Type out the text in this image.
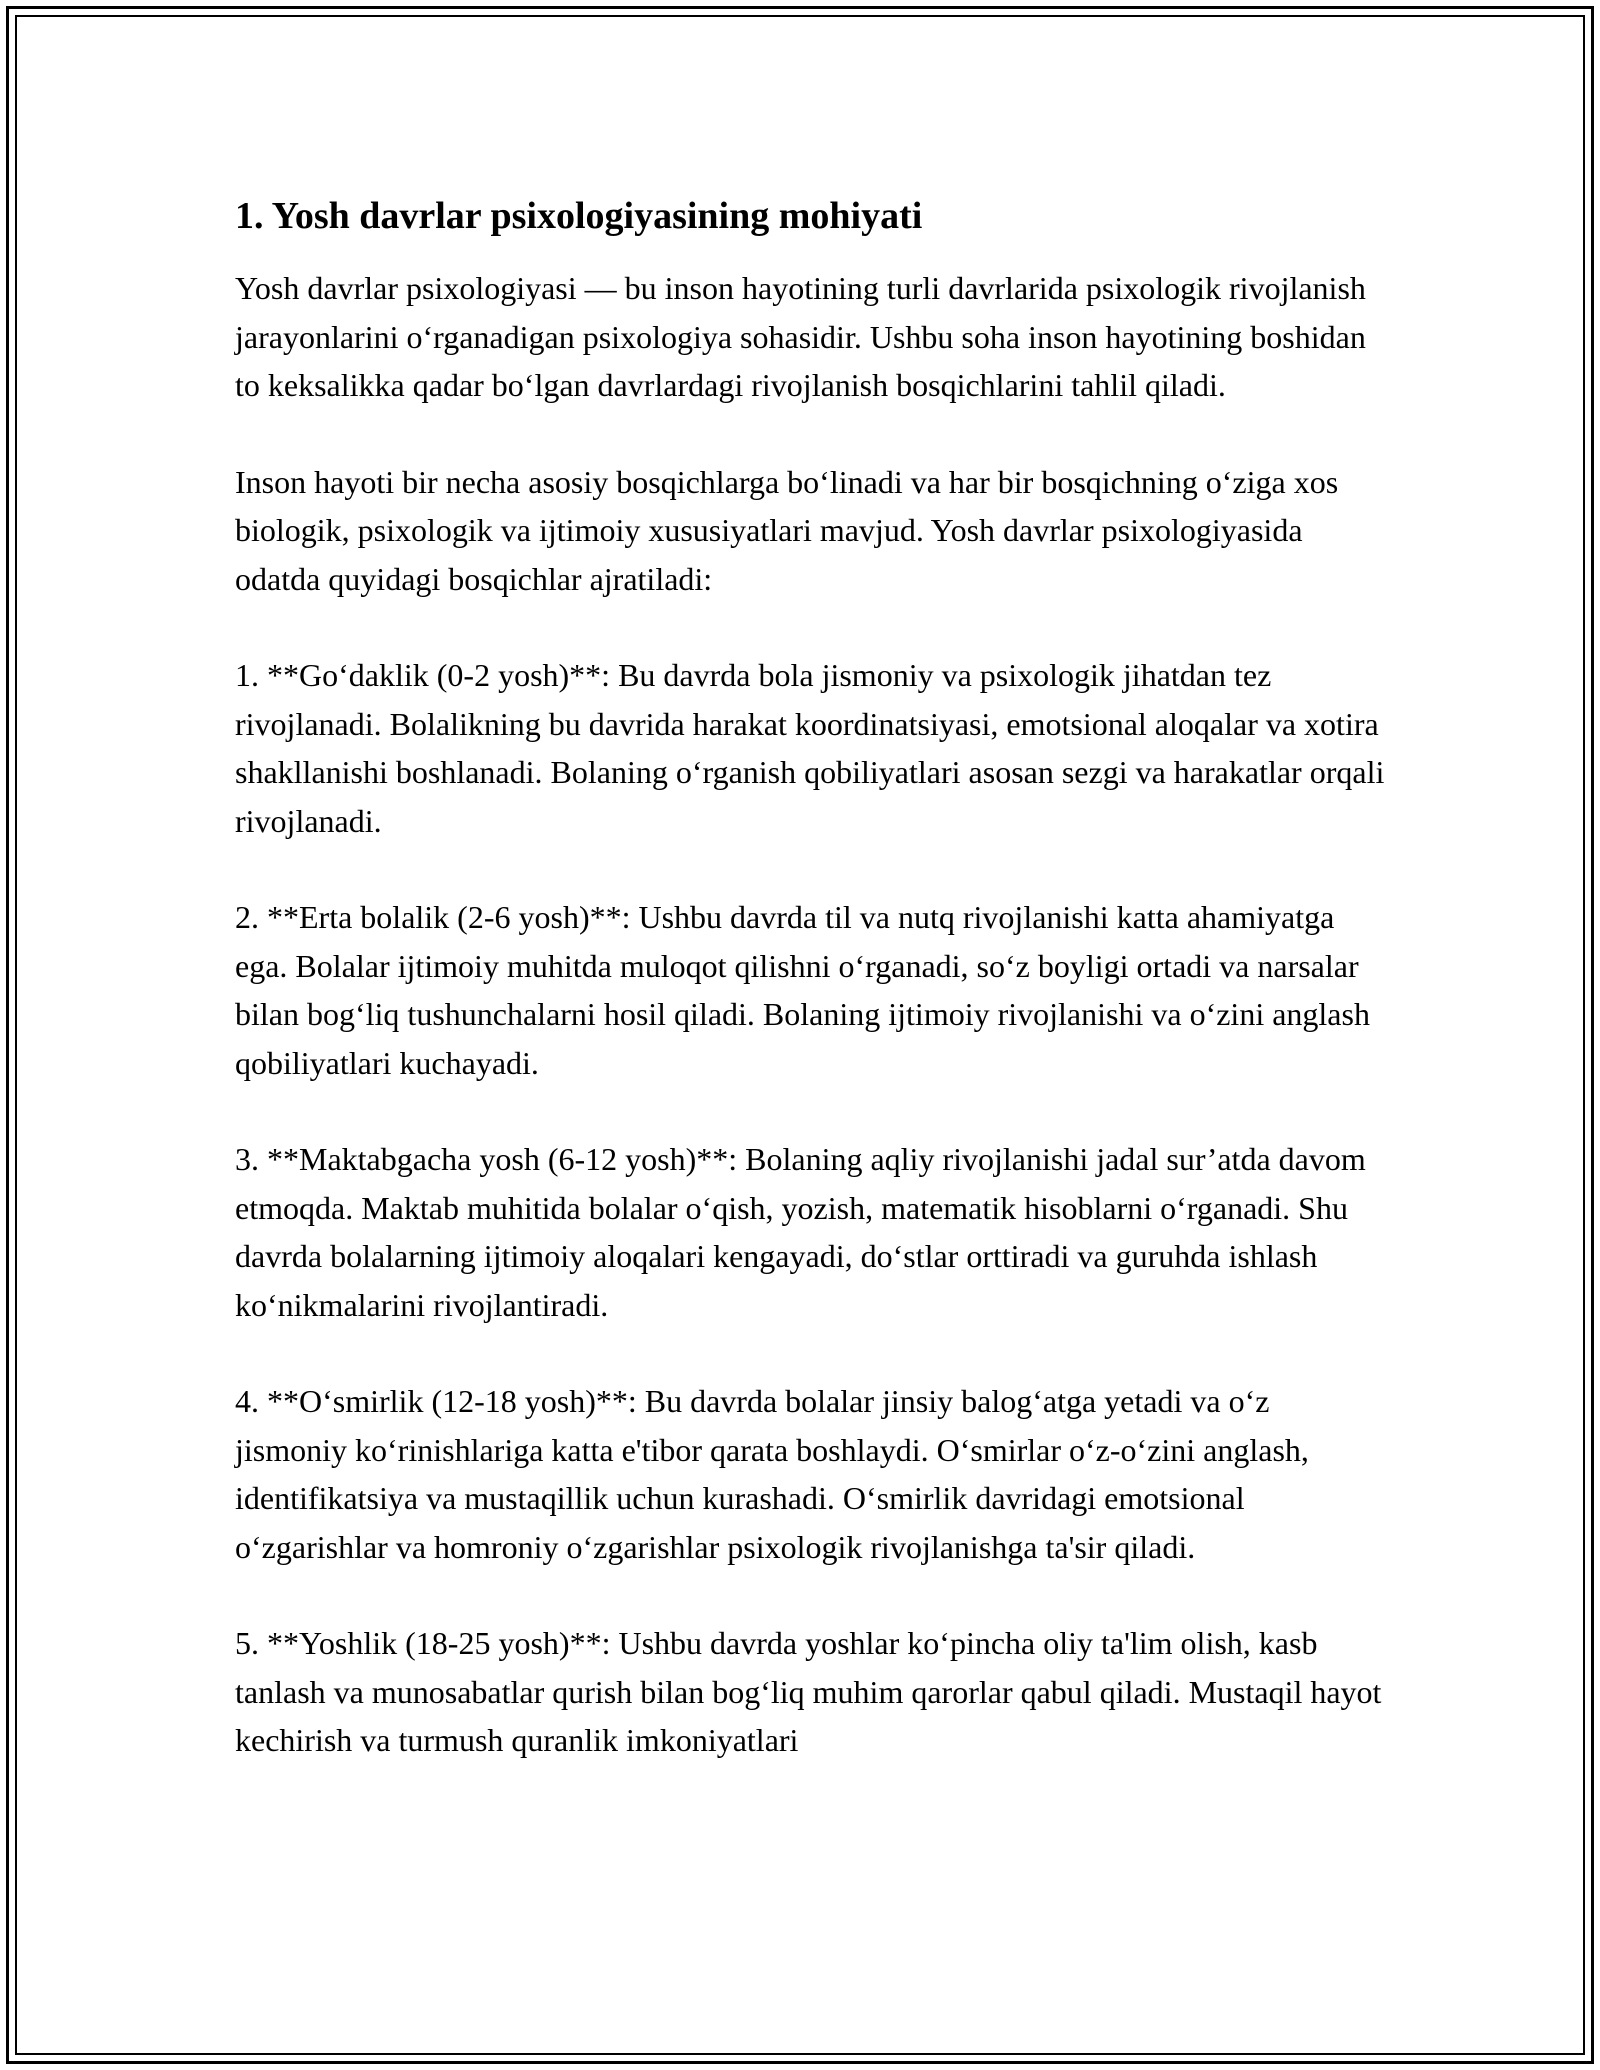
1. Yosh davrlar psixologiyasining mohiyati

Yosh davrlar psixologiyasi — bu inson hayotining turli davrlarida psixologik rivojlanish jarayonlarini o‘rganadigan psixologiya sohasidir. Ushbu soha inson hayotining boshidan to keksalikka qadar bo‘lgan davrlardagi rivojlanish bosqichlarini tahlil qiladi.

Inson hayoti bir necha asosiy bosqichlarga bo‘linadi va har bir bosqichning o‘ziga xos biologik, psixologik va ijtimoiy xususiyatlari mavjud. Yosh davrlar psixologiyasida odatda quyidagi bosqichlar ajratiladi:

1. **Go‘daklik (0-2 yosh)**: Bu davrda bola jismoniy va psixologik jihatdan tez rivojlanadi. Bolalikning bu davrida harakat koordinatsiyasi, emotsional aloqalar va xotira shakllanishi boshlanadi. Bolaning o‘rganish qobiliyatlari asosan sezgi va harakatlar orqali rivojlanadi.

2. **Erta bolalik (2-6 yosh)**: Ushbu davrda til va nutq rivojlanishi katta ahamiyatga ega. Bolalar ijtimoiy muhitda muloqot qilishni o‘rganadi, so‘z boyligi ortadi va narsalar bilan bog‘liq tushunchalarni hosil qiladi. Bolaning ijtimoiy rivojlanishi va o‘zini anglash qobiliyatlari kuchayadi.

3. **Maktabgacha yosh (6-12 yosh)**: Bolaning aqliy rivojlanishi jadal sur’atda davom etmoqda. Maktab muhitida bolalar o‘qish, yozish, matematik hisoblarni o‘rganadi. Shu davrda bolalarning ijtimoiy aloqalari kengayadi, do‘stlar orttiradi va guruhda ishlash ko‘nikmalarini rivojlantiradi.

4. **O‘smirlik (12-18 yosh)**: Bu davrda bolalar jinsiy balog‘atga yetadi va o‘z jismoniy ko‘rinishlariga katta e'tibor qarata boshlaydi. O‘smirlar o‘z-o‘zini anglash, identifikatsiya va mustaqillik uchun kurashadi. O‘smirlik davridagi emotsional o‘zgarishlar va homroniy o‘zgarishlar psixologik rivojlanishga ta'sir qiladi.

5. **Yoshlik (18-25 yosh)**: Ushbu davrda yoshlar ko‘pincha oliy ta'lim olish, kasb tanlash va munosabatlar qurish bilan bog‘liq muhim qarorlar qabul qiladi. Mustaqil hayot kechirish va turmush quranlik imkoniyatlari
